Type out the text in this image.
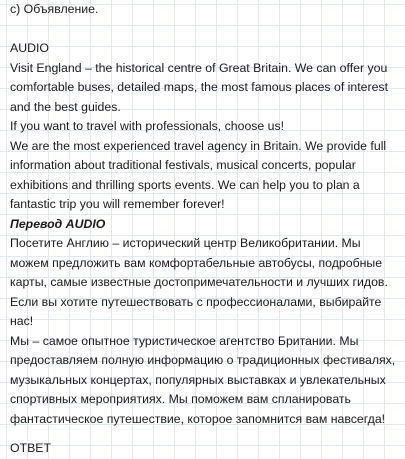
c) Объявление.
AUDIO
Visit England – the historical centre of Great Britain. We can offer you comfortable buses, detailed maps, the most famous places of interest and the best guides.
If you want to travel with professionals, choose us!
We are the most experienced travel agency in Britain. We provide full information about traditional festivals, musical concerts, popular exhibitions and thrilling sports events. We can help you to plan a fantastic trip you will remember forever!
Перевод AUDIO
Посетите Англию – исторический центр Великобритании. Мы можем предложить вам комфортабельные автобусы, подробные карты, самые известные достопримечательности и лучших гидов.
Если вы хотите путешествовать с профессионалами, выбирайте нас!
Мы – самое опытное туристическое агентство Британии. Мы предоставляем полную информацию о традиционных фестивалях, музыкальных концертах, популярных выставках и увлекательных спортивных мероприятиях. Мы поможем вам спланировать фантастическое путешествие, которое запомнится вам навсегда!
ОТВЕТ
